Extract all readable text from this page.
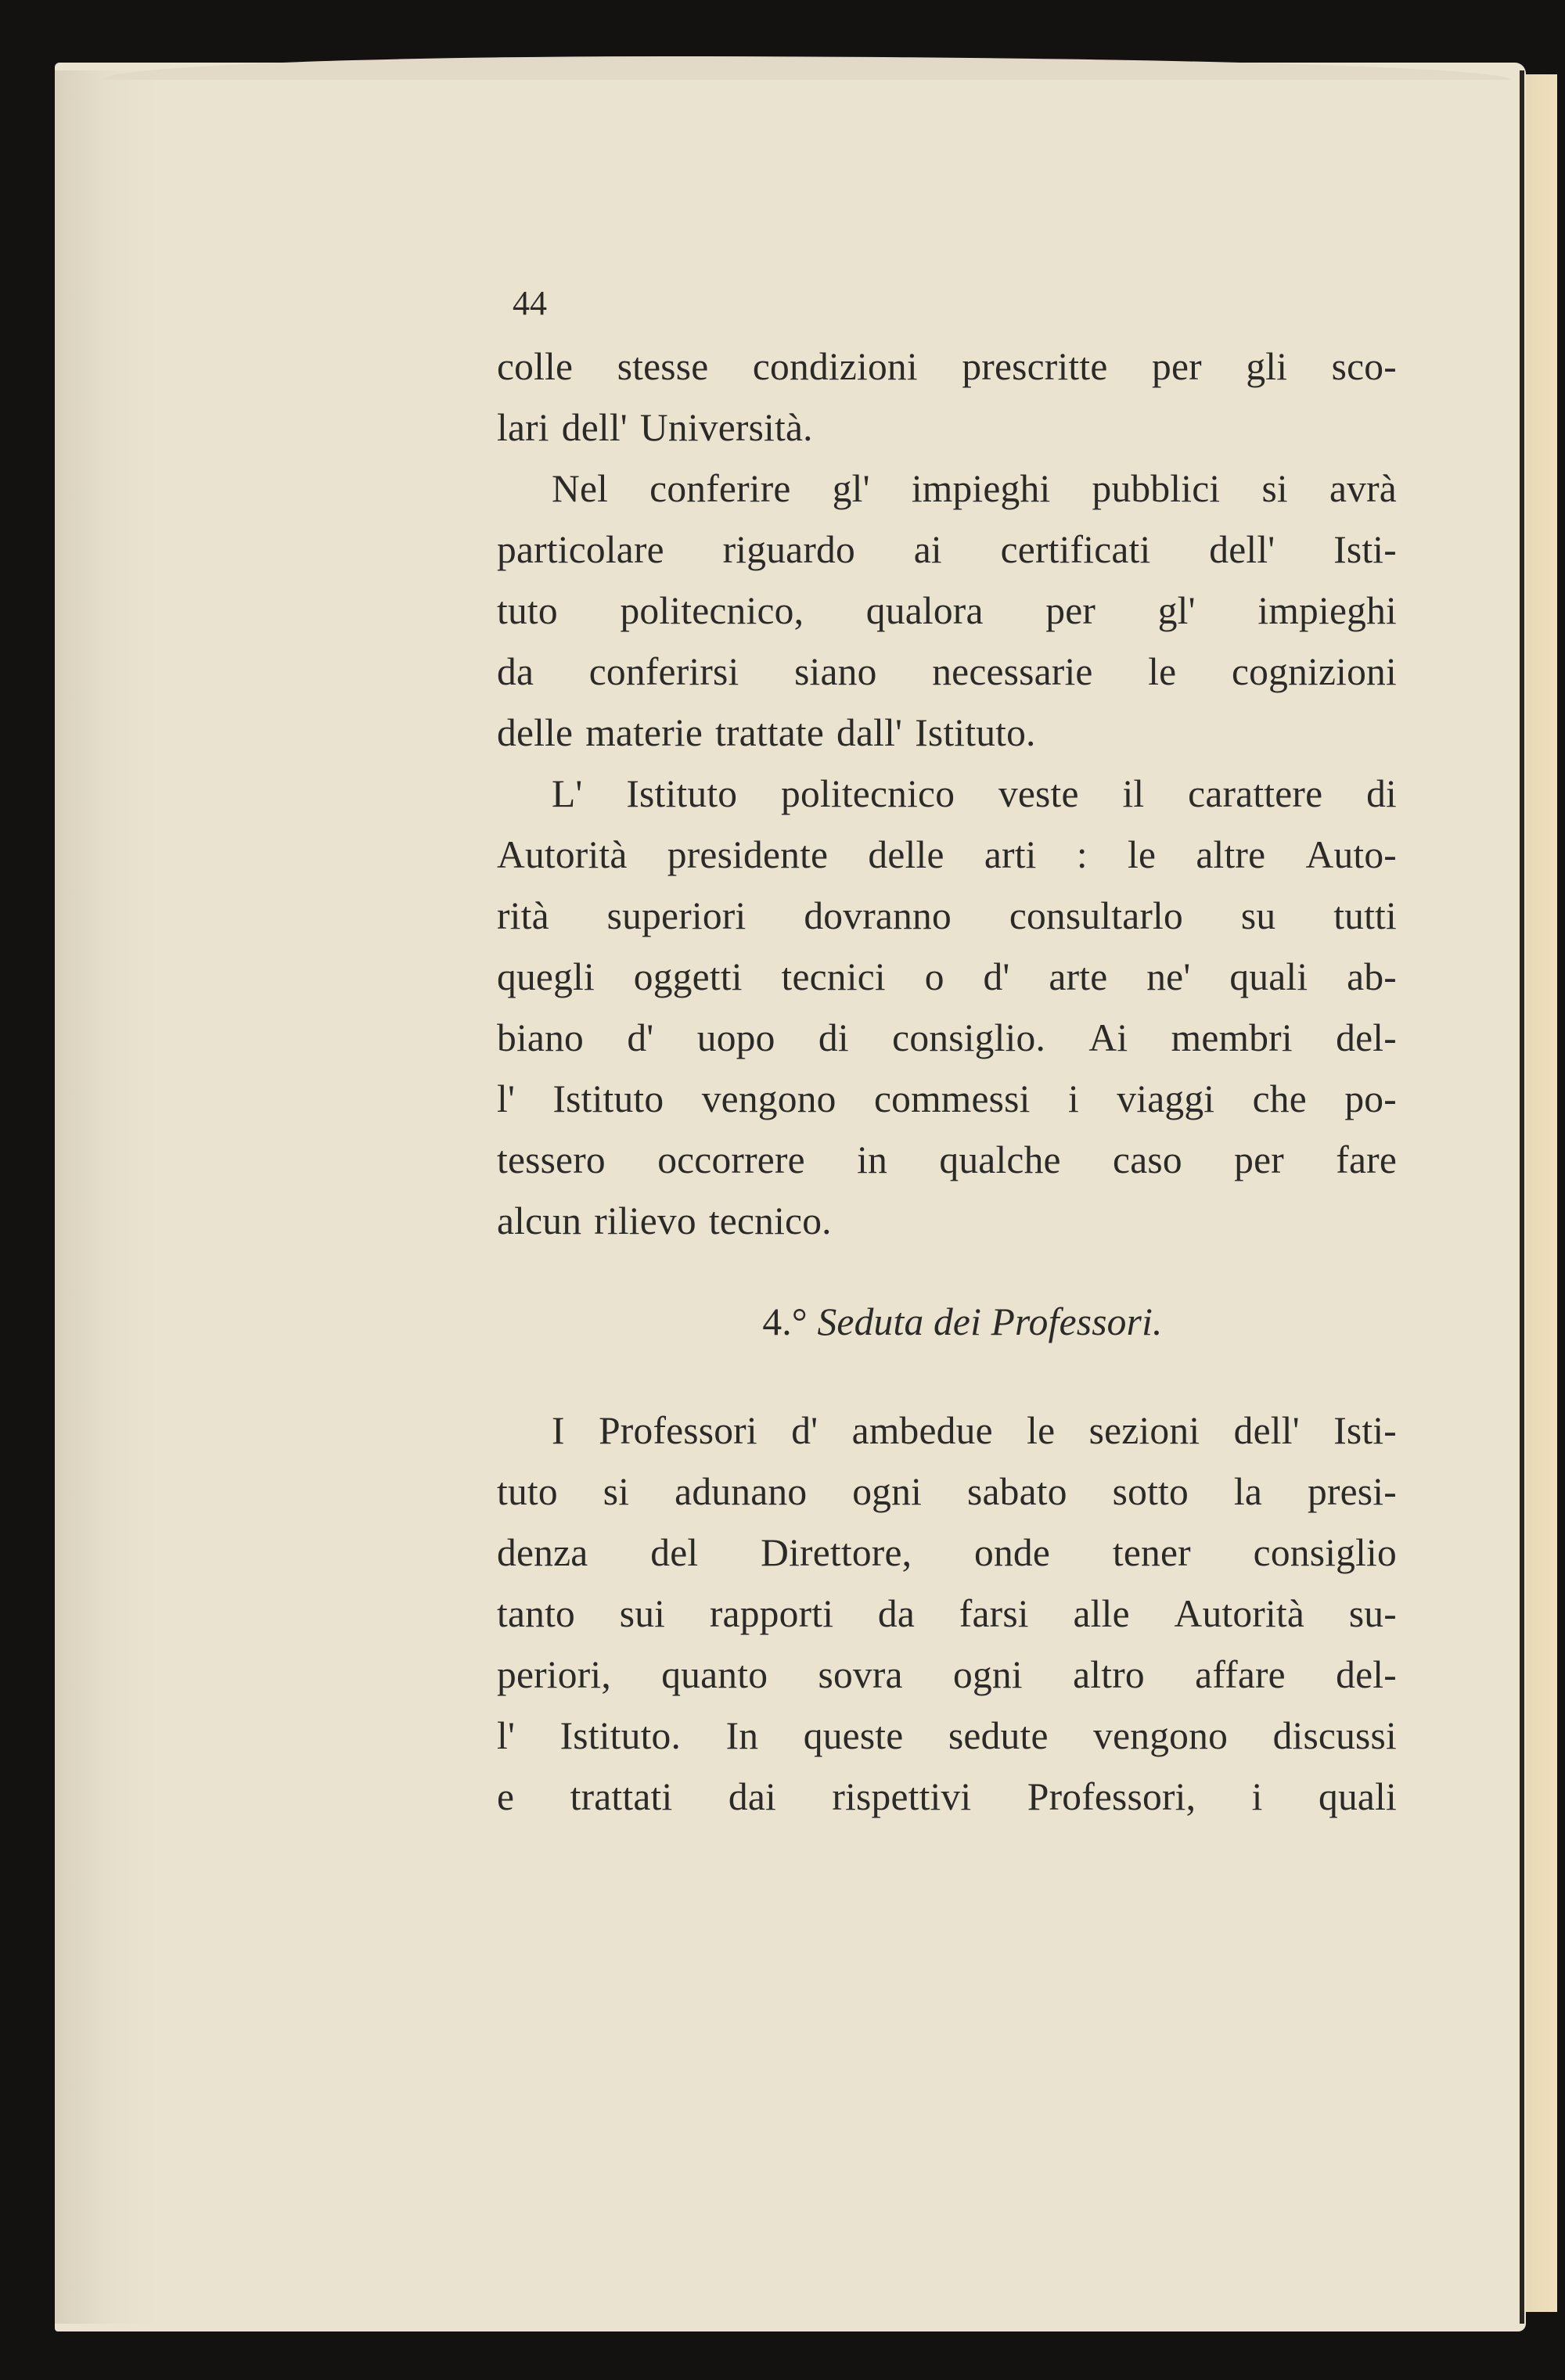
44
colle stesse condizioni prescritte per gli sco-
lari dell' Università.
Nel conferire gl' impieghi pubblici si avrà
particolare riguardo ai certificati dell' Isti-
tuto politecnico, qualora per gl' impieghi
da conferirsi siano necessarie le cognizioni
delle materie trattate dall' Istituto.
L' Istituto politecnico veste il carattere di
Autorità presidente delle arti : le altre Auto-
rità superiori dovranno consultarlo su tutti
quegli oggetti tecnici o d' arte ne' quali ab-
biano d' uopo di consiglio. Ai membri del-
l' Istituto vengono commessi i viaggi che po-
tessero occorrere in qualche caso per fare
alcun rilievo tecnico.
4.° Seduta dei Professori.
I Professori d' ambedue le sezioni dell' Isti-
tuto si adunano ogni sabato sotto la presi-
denza del Direttore, onde tener consiglio
tanto sui rapporti da farsi alle Autorità su-
periori, quanto sovra ogni altro affare del-
l' Istituto. In queste sedute vengono discussi
e trattati dai rispettivi Professori, i quali
